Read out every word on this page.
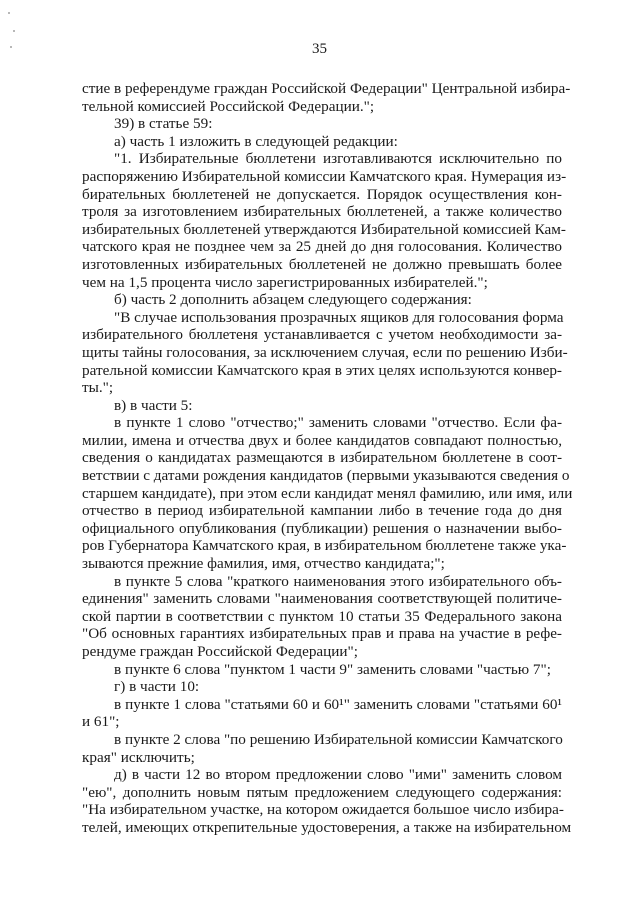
35
стие в референдуме граждан Российской Федерации" Центральной избира-
тельной комиссией Российской Федерации.";
39) в статье 59:
а) часть 1 изложить в следующей редакции:
"1. Избирательные бюллетени изготавливаются исключительно по
распоряжению Избирательной комиссии Камчатского края. Нумерация из-
бирательных бюллетеней не допускается. Порядок осуществления кон-
троля за изготовлением избирательных бюллетеней, а также количество
избирательных бюллетеней утверждаются Избирательной комиссией Кам-
чатского края не позднее чем за 25 дней до дня голосования. Количество
изготовленных избирательных бюллетеней не должно превышать более
чем на 1,5 процента число зарегистрированных избирателей.";
б) часть 2 дополнить абзацем следующего содержания:
"В случае использования прозрачных ящиков для голосования форма
избирательного бюллетеня устанавливается с учетом необходимости за-
щиты тайны голосования, за исключением случая, если по решению Изби-
рательной комиссии Камчатского края в этих целях используются конвер-
ты.";
в) в части 5:
в пункте 1 слово "отчество;" заменить словами "отчество. Если фа-
милии, имена и отчества двух и более кандидатов совпадают полностью,
сведения о кандидатах размещаются в избирательном бюллетене в соот-
ветствии с датами рождения кандидатов (первыми указываются сведения о
старшем кандидате), при этом если кандидат менял фамилию, или имя, или
отчество в период избирательной кампании либо в течение года до дня
официального опубликования (публикации) решения о назначении выбо-
ров Губернатора Камчатского края, в избирательном бюллетене также ука-
зываются прежние фамилия, имя, отчество кандидата;";
в пункте 5 слова "краткого наименования этого избирательного объ-
единения" заменить словами "наименования соответствующей политиче-
ской партии в соответствии с пунктом 10 статьи 35 Федерального закона
"Об основных гарантиях избирательных прав и права на участие в рефе-
рендуме граждан Российской Федерации";
в пункте 6 слова "пунктом 1 части 9" заменить словами "частью 7";
г) в части 10:
в пункте 1 слова "статьями 60 и 60¹" заменить словами "статьями 60¹
и 61";
в пункте 2 слова "по решению Избирательной комиссии Камчатского
края" исключить;
д) в части 12 во втором предложении слово "ими" заменить словом
"ею", дополнить новым пятым предложением следующего содержания:
"На избирательном участке, на котором ожидается большое число избира-
телей, имеющих открепительные удостоверения, а также на избирательном
